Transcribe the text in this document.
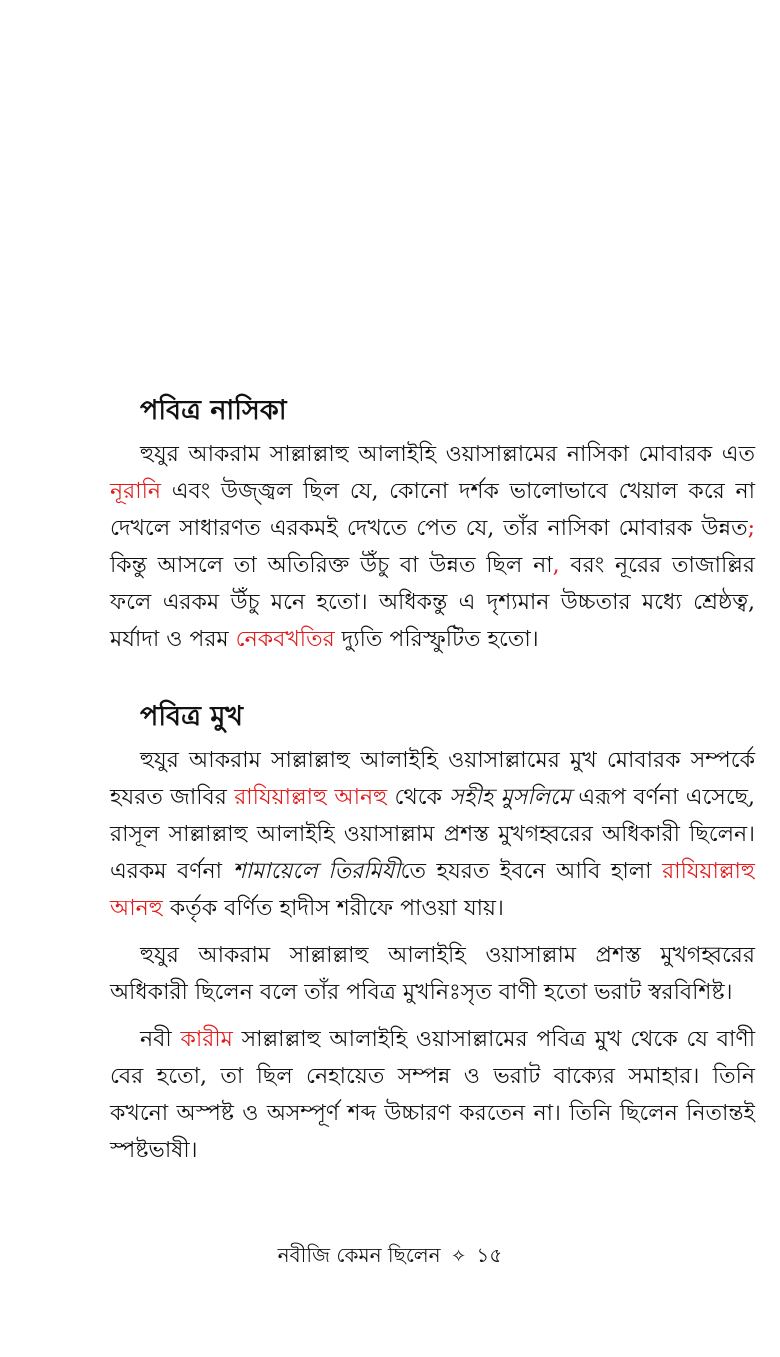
পবিত্র নাসিকা

হুযুর আকরাম সাল্লাল্লাহু আলাইহি ওয়াসাল্লামের নাসিকা মোবারক এত নূরানি এবং উজ্জ্বল ছিল যে, কোনো দর্শক ভালোভাবে খেয়াল করে না দেখলে সাধারণত এরকমই দেখতে পেত যে, তাঁর নাসিকা মোবারক উন্নত; কিন্তু আসলে তা অতিরিক্ত উঁচু বা উন্নত ছিল না, বরং নূরের তাজাল্লির ফলে এরকম উঁচু মনে হতো। অধিকন্তু এ দৃশ্যমান উচ্চতার মধ্যে শ্রেষ্ঠত্ব, মর্যাদা ও পরম নেকবখতির দ্যুতি পরিস্ফুটিত হতো।

পবিত্র মুখ

হুযুর আকরাম সাল্লাল্লাহু আলাইহি ওয়াসাল্লামের মুখ মোবারক সম্পর্কে হযরত জাবির রাযিয়াল্লাহু আনহু থেকে সহীহ মুসলিমে এরূপ বর্ণনা এসেছে, রাসূল সাল্লাল্লাহু আলাইহি ওয়াসাল্লাম প্রশস্ত মুখগহ্বরের অধিকারী ছিলেন। এরকম বর্ণনা শামায়েলে তিরমিযীতে হযরত ইবনে আবি হালা রাযিয়াল্লাহু আনহু কর্তৃক বর্ণিত হাদীস শরীফে পাওয়া যায়।

হুযুর আকরাম সাল্লাল্লাহু আলাইহি ওয়াসাল্লাম প্রশস্ত মুখগহ্বরের অধিকারী ছিলেন বলে তাঁর পবিত্র মুখনিঃসৃত বাণী হতো ভরাট স্বরবিশিষ্ট।

নবী কারীম সাল্লাল্লাহু আলাইহি ওয়াসাল্লামের পবিত্র মুখ থেকে যে বাণী বের হতো, তা ছিল নেহায়েত সম্পন্ন ও ভরাট বাক্যের সমাহার। তিনি কখনো অস্পষ্ট ও অসম্পূর্ণ শব্দ উচ্চারণ করতেন না। তিনি ছিলেন নিতান্তই স্পষ্টভাষী।

নবীজি কেমন ছিলেন ✧ ১৫
